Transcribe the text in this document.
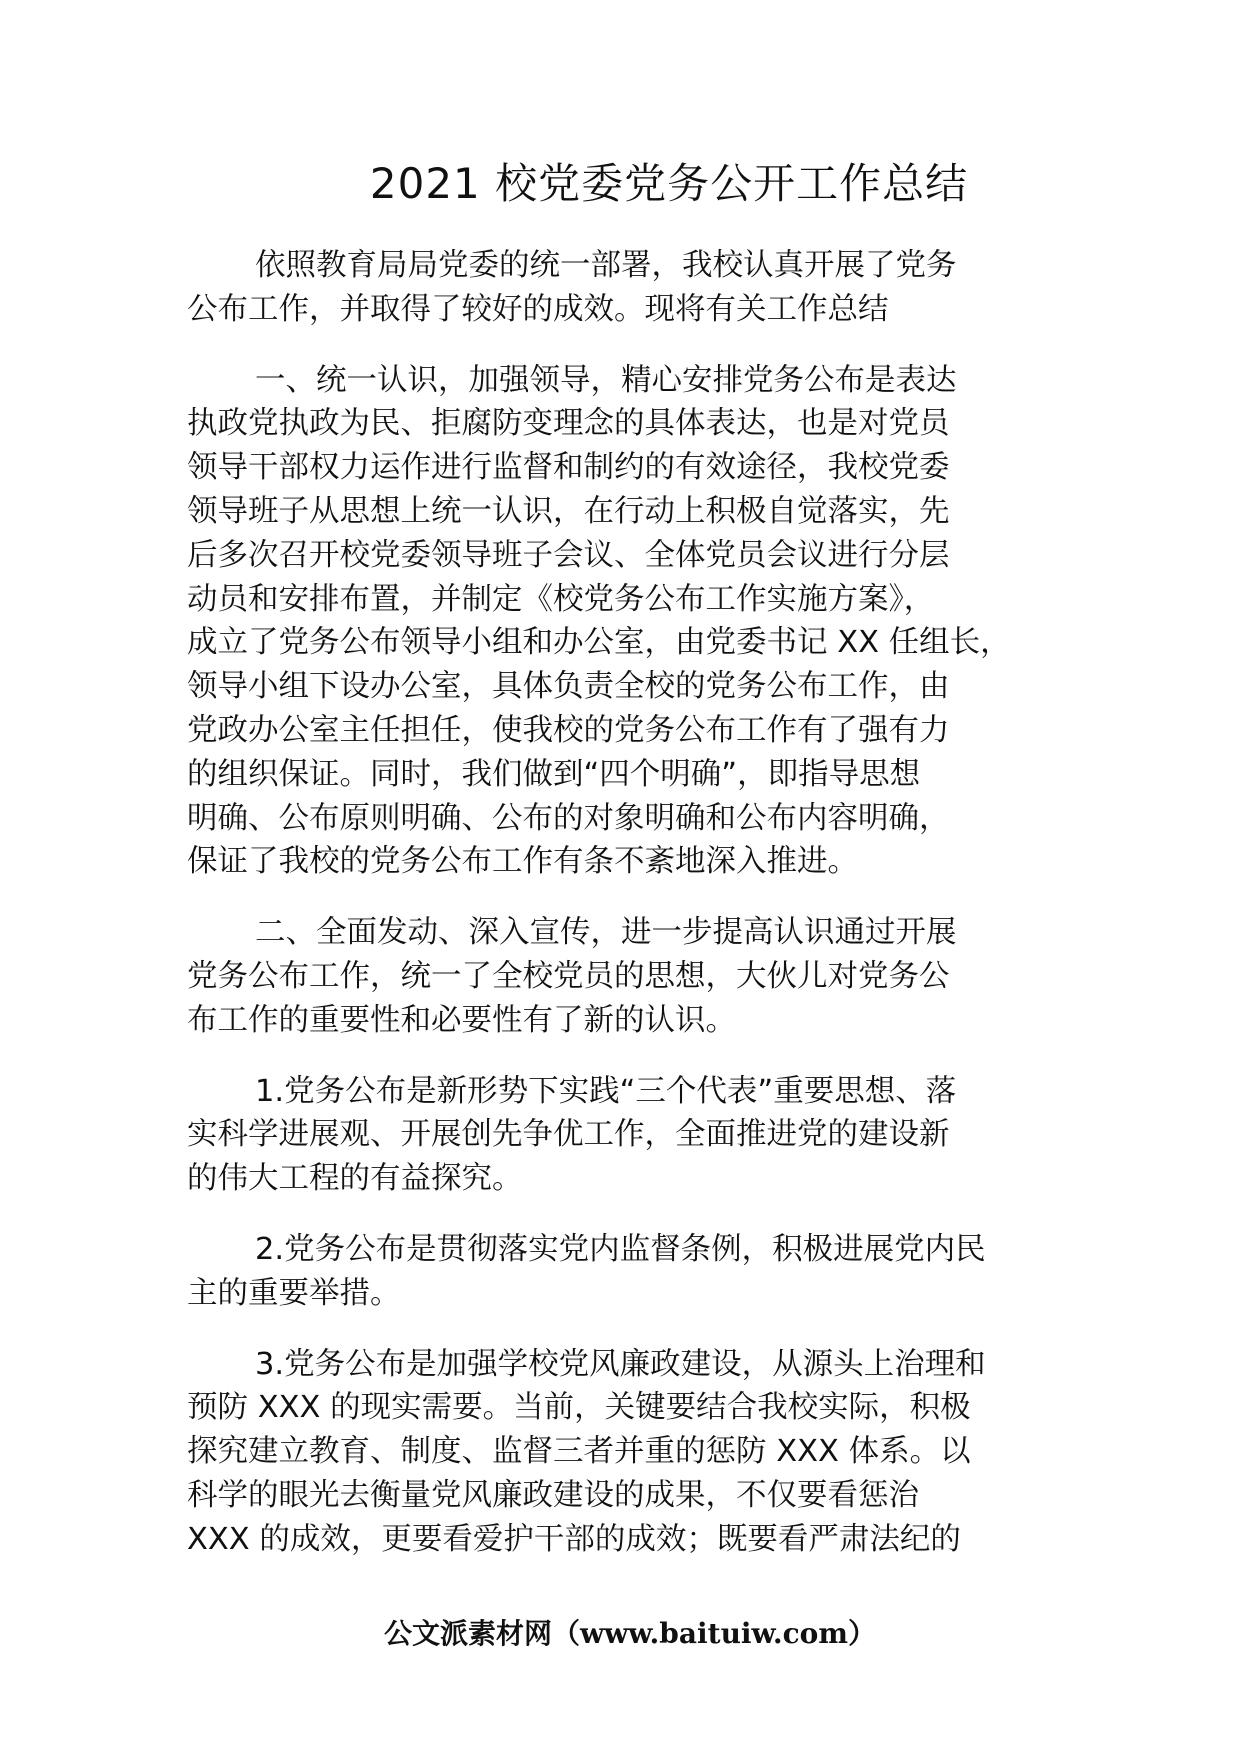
2021 校党委党务公开工作总结
依照教育局局党委的统一部署，我校认真开展了党务
公布工作，并取得了较好的成效。现将有关工作总结
一、统一认识，加强领导，精心安排党务公布是表达
执政党执政为民、拒腐防变理念的具体表达，也是对党员
领导干部权力运作进行监督和制约的有效途径，我校党委
领导班子从思想上统一认识，在行动上积极自觉落实，先
后多次召开校党委领导班子会议、全体党员会议进行分层
动员和安排布置，并制定《校党务公布工作实施方案》，
成立了党务公布领导小组和办公室，由党委书记 XX 任组长，
领导小组下设办公室，具体负责全校的党务公布工作，由
党政办公室主任担任，使我校的党务公布工作有了强有力
的组织保证。同时，我们做到“四个明确”，即指导思想
明确、公布原则明确、公布的对象明确和公布内容明确，
保证了我校的党务公布工作有条不紊地深入推进。
二、全面发动、深入宣传，进一步提高认识通过开展
党务公布工作，统一了全校党员的思想，大伙儿对党务公
布工作的重要性和必要性有了新的认识。
1.党务公布是新形势下实践“三个代表”重要思想、落
实科学进展观、开展创先争优工作，全面推进党的建设新
的伟大工程的有益探究。
2.党务公布是贯彻落实党内监督条例，积极进展党内民
主的重要举措。
3.党务公布是加强学校党风廉政建设，从源头上治理和
预防 XXX 的现实需要。当前，关键要结合我校实际，积极
探究建立教育、制度、监督三者并重的惩防 XXX 体系。以
科学的眼光去衡量党风廉政建设的成果，不仅要看惩治
XXX 的成效，更要看爱护干部的成效；既要看严肃法纪的
公文派素材网（www.baituiw.com）
